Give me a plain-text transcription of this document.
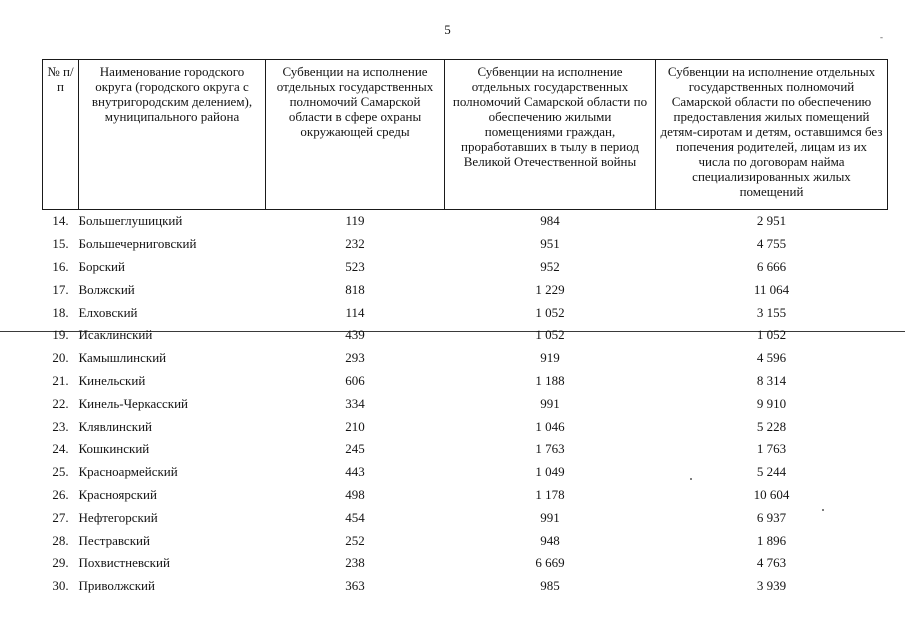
5	-
№ п/п	Наименование городского округа (городского округа с внутригородским делением), муниципального района	Субвенции на исполнение отдельных государственных полномочий Самарской области в сфере охраны окружающей среды	Субвенции на исполнение отдельных государственных полномочий Самарской области по обеспечению жилыми помещениями граждан, проработавших в тылу в период Великой Отечественной войны	Субвенции на исполнение отдельных государственных полномочий Самарской области по обеспечению предоставления жилых помещений детям-сиротам и детям, оставшимся без попечения родителей, лицам из их числа по договорам найма специализированных жилых помещений
14.	Большеглушицкий	119	984	2 951
15.	Большечерниговский	232	951	4 755
16.	Борский	523	952	6 666
17.	Волжский	818	1 229	11 064
18.	Елховский	114	1 052	3 155
19.	Исаклинский	439	1 052	1 052
20.	Камышлинский	293	919	4 596
21.	Кинельский	606	1 188	8 314
22.	Кинель-Черкасский	334	991	9 910
23.	Клявлинский	210	1 046	5 228
24.	Кошкинский	245	1 763	1 763
25.	Красноармейский	443	1 049	5 244
26.	Красноярский	498	1 178	10 604
27.	Нефтегорский	454	991	6 937
28.	Пестравский	252	948	1 896
29.	Похвистневский	238	6 669	4 763
30.	Приволжский	363	985	3 939
